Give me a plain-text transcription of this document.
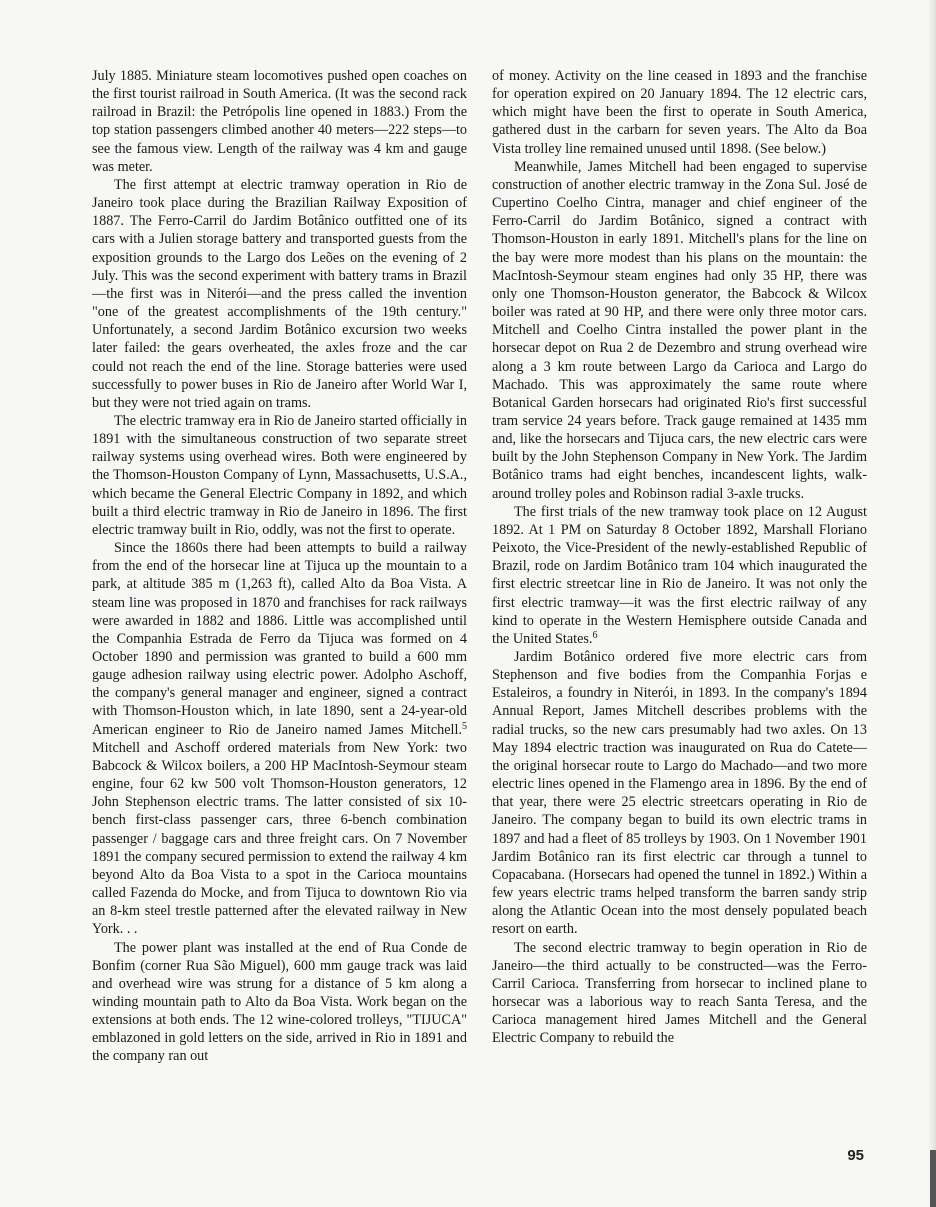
July 1885. Miniature steam locomotives pushed open coaches on the first tourist railroad in South America. (It was the second rack railroad in Brazil: the Petrópolis line opened in 1883.) From the top station passengers climbed another 40 meters—222 steps—to see the famous view. Length of the railway was 4 km and gauge was meter.

The first attempt at electric tramway operation in Rio de Janeiro took place during the Brazilian Railway Exposition of 1887. The Ferro-Carril do Jardim Botânico outfitted one of its cars with a Julien storage battery and transported guests from the exposition grounds to the Largo dos Leões on the evening of 2 July. This was the second experiment with battery trams in Brazil—the first was in Niterói—and the press called the invention "one of the greatest accomplishments of the 19th century." Unfortunately, a second Jardim Botânico excursion two weeks later failed: the gears overheated, the axles froze and the car could not reach the end of the line. Storage batteries were used successfully to power buses in Rio de Janeiro after World War I, but they were not tried again on trams.

The electric tramway era in Rio de Janeiro started officially in 1891 with the simultaneous construction of two separate street railway systems using overhead wires. Both were engineered by the Thomson-Houston Company of Lynn, Massachusetts, U.S.A., which became the General Electric Company in 1892, and which built a third electric tramway in Rio de Janeiro in 1896. The first electric tramway built in Rio, oddly, was not the first to operate.

Since the 1860s there had been attempts to build a railway from the end of the horsecar line at Tijuca up the mountain to a park, at altitude 385 m (1,263 ft), called Alto da Boa Vista. A steam line was proposed in 1870 and franchises for rack railways were awarded in 1882 and 1886. Little was accomplished until the Companhia Estrada de Ferro da Tijuca was formed on 4 October 1890 and permission was granted to build a 600 mm gauge adhesion railway using electric power. Adolpho Aschoff, the company's general manager and engineer, signed a contract with Thomson-Houston which, in late 1890, sent a 24-year-old American engineer to Rio de Janeiro named James Mitchell.$^5$ Mitchell and Aschoff ordered materials from New York: two Babcock & Wilcox boilers, a 200 HP MacIntosh-Seymour steam engine, four 62 kw 500 volt Thomson-Houston generators, 12 John Stephenson electric trams. The latter consisted of six 10-bench first-class passenger cars, three 6-bench combination passenger / baggage cars and three freight cars. On 7 November 1891 the company secured permission to extend the railway 4 km beyond Alto da Boa Vista to a spot in the Carioca mountains called Fazenda do Mocke, and from Tijuca to downtown Rio via an 8-km steel trestle patterned after the elevated railway in New York. . .

The power plant was installed at the end of Rua Conde de Bonfim (corner Rua São Miguel), 600 mm gauge track was laid and overhead wire was strung for a distance of 5 km along a winding mountain path to Alto da Boa Vista. Work began on the extensions at both ends. The 12 wine-colored trolleys, "TIJUCA" emblazoned in gold letters on the side, arrived in Rio in 1891 and the company ran out

of money. Activity on the line ceased in 1893 and the franchise for operation expired on 20 January 1894. The 12 electric cars, which might have been the first to operate in South America, gathered dust in the carbarn for seven years. The Alto da Boa Vista trolley line remained unused until 1898. (See below.)

Meanwhile, James Mitchell had been engaged to supervise construction of another electric tramway in the Zona Sul. José de Cupertino Coelho Cintra, manager and chief engineer of the Ferro-Carril do Jardim Botânico, signed a contract with Thomson-Houston in early 1891. Mitchell's plans for the line on the bay were more modest than his plans on the mountain: the MacIntosh-Seymour steam engines had only 35 HP, there was only one Thomson-Houston generator, the Babcock & Wilcox boiler was rated at 90 HP, and there were only three motor cars. Mitchell and Coelho Cintra installed the power plant in the horsecar depot on Rua 2 de Dezembro and strung overhead wire along a 3 km route between Largo da Carioca and Largo do Machado. This was approximately the same route where Botanical Garden horsecars had originated Rio's first successful tram service 24 years before. Track gauge remained at 1435 mm and, like the horsecars and Tijuca cars, the new electric cars were built by the John Stephenson Company in New York. The Jardim Botânico trams had eight benches, incandescent lights, walk-around trolley poles and Robinson radial 3-axle trucks.

The first trials of the new tramway took place on 12 August 1892. At 1 PM on Saturday 8 October 1892, Marshall Floriano Peixoto, the Vice-President of the newly-established Republic of Brazil, rode on Jardim Botânico tram 104 which inaugurated the first electric streetcar line in Rio de Janeiro. It was not only the first electric tramway—it was the first electric railway of any kind to operate in the Western Hemisphere outside Canada and the United States.$^6$

Jardim Botânico ordered five more electric cars from Stephenson and five bodies from the Companhia Forjas e Estaleiros, a foundry in Niterói, in 1893. In the company's 1894 Annual Report, James Mitchell describes problems with the radial trucks, so the new cars presumably had two axles. On 13 May 1894 electric traction was inaugurated on Rua do Catete—the original horsecar route to Largo do Machado—and two more electric lines opened in the Flamengo area in 1896. By the end of that year, there were 25 electric streetcars operating in Rio de Janeiro. The company began to build its own electric trams in 1897 and had a fleet of 85 trolleys by 1903. On 1 November 1901 Jardim Botânico ran its first electric car through a tunnel to Copacabana. (Horsecars had opened the tunnel in 1892.) Within a few years electric trams helped transform the barren sandy strip along the Atlantic Ocean into the most densely populated beach resort on earth.

The second electric tramway to begin operation in Rio de Janeiro—the third actually to be constructed—was the Ferro-Carril Carioca. Transferring from horsecar to inclined plane to horsecar was a laborious way to reach Santa Teresa, and the Carioca management hired James Mitchell and the General Electric Company to rebuild the

95
